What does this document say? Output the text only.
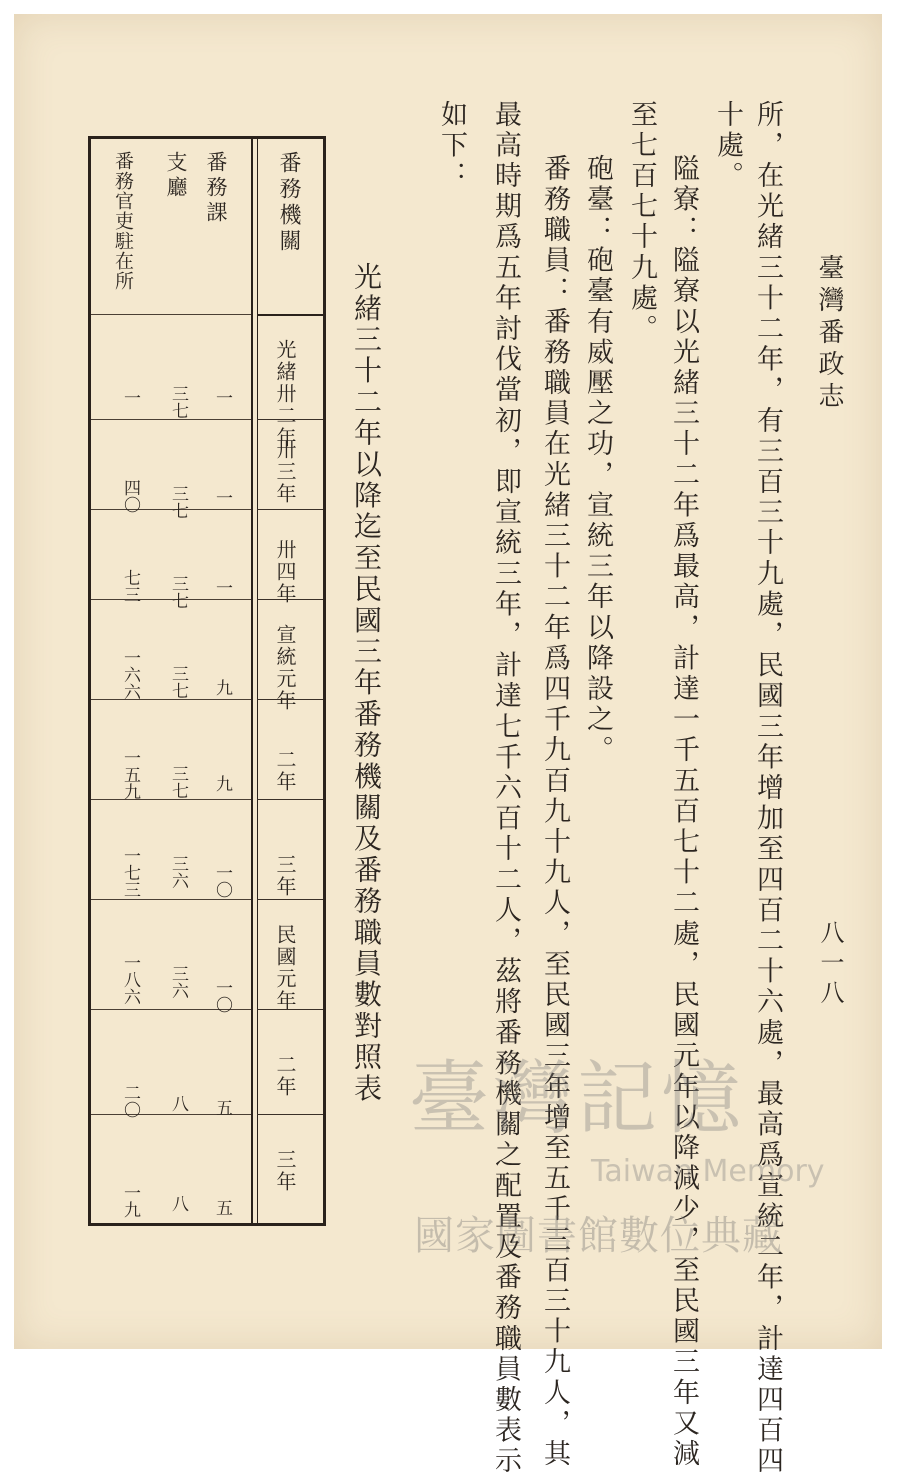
臺灣番政志
八一八
所，在光緒三十二年，有三百三十九處，民國三年增加至四百二十六處，最高爲宣統二年，計達四百四
十處。
隘寮：隘寮以光緒三十二年爲最高，計達一千五百七十二處，民國元年以降減少，至民國三年又減
至七百七十九處。
砲臺：砲臺有威壓之功，宣統三年以降設之。
番務職員：番務職員在光緒三十二年爲四千九百九十九人，至民國三年增至五千三百三十九人，其
最高時期爲五年討伐當初，即宣統三年，計達七千六百十二人，茲將番務機關之配置及番務職員數表示
如下：
光緒三十二年以降迄至民國三年番務機關及番務職員數對照表
番務機關
光緒卅二年
卅三年
卅四年
宣統元年
二年
三年
民國元年
二年
三年
番務課
支廳
番務官吏駐在所
一
一
一
九
九
一〇
一〇
五
五
三七
三七
三七
三七
三七
三六
三六
八
八
一
四〇
七三
一六六
一五九
一七三
一八六
二〇
一九
臺灣記憶
Taiwan Memory
國家圖書館數位典藏
